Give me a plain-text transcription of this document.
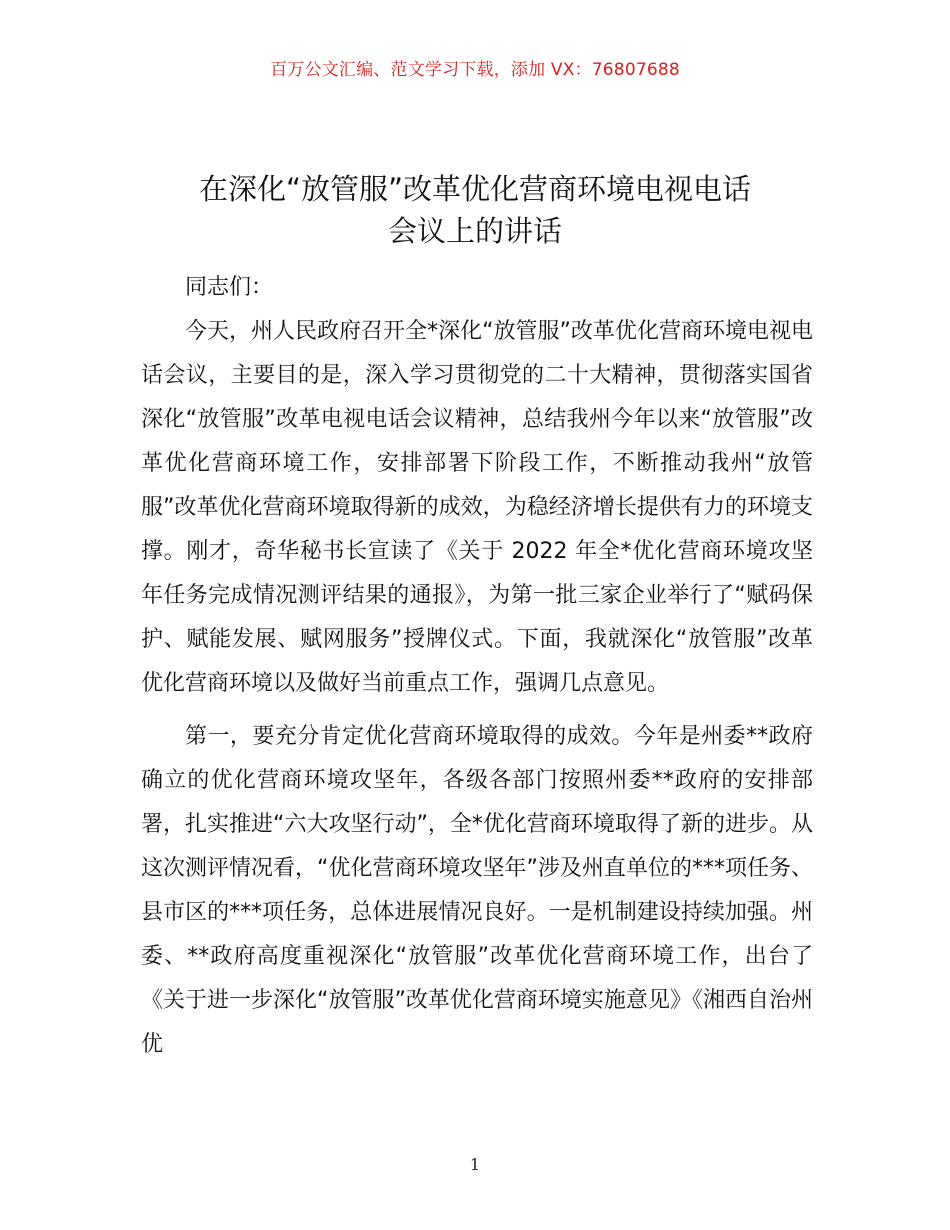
百万公文汇编、范文学习下载，添加 VX：76807688
在深化“放管服”改革优化营商环境电视电话
会议上的讲话

同志们：

今天，州人民政府召开全*深化“放管服”改革优化营商环境电视电话会议，主要目的是，深入学习贯彻党的二十大精神，贯彻落实国省深化“放管服”改革电视电话会议精神，总结我州今年以来“放管服”改革优化营商环境工作，安排部署下阶段工作，不断推动我州“放管服”改革优化营商环境取得新的成效，为稳经济增长提供有力的环境支撑。刚才，奇华秘书长宣读了《关于 2022 年全*优化营商环境攻坚年任务完成情况测评结果的通报》，为第一批三家企业举行了“赋码保护、赋能发展、赋网服务”授牌仪式。下面，我就深化“放管服”改革优化营商环境以及做好当前重点工作，强调几点意见。

第一，要充分肯定优化营商环境取得的成效。今年是州委**政府确立的优化营商环境攻坚年，各级各部门按照州委**政府的安排部署，扎实推进“六大攻坚行动”，全*优化营商环境取得了新的进步。从这次测评情况看，“优化营商环境攻坚年”涉及州直单位的***项任务、县市区的***项任务，总体进展情况良好。一是机制建设持续加强。州委、**政府高度重视深化“放管服”改革优化营商环境工作，出台了《关于进一步深化“放管服”改革优化营商环境实施意见》《湘西自治州优

1
